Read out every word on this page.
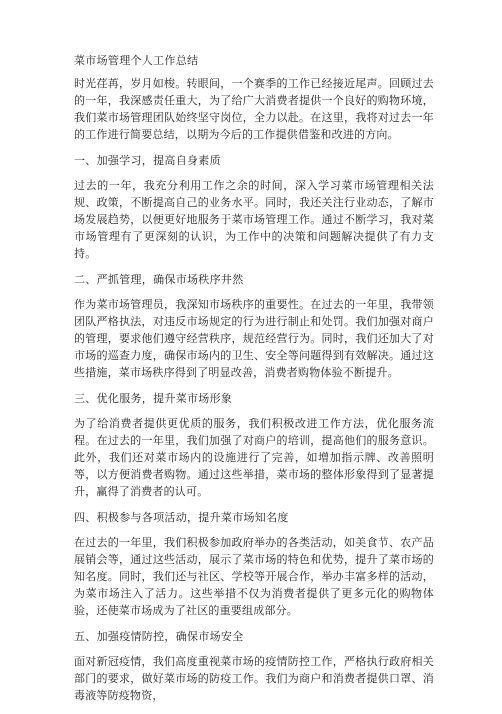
菜市场管理个人工作总结

时光荏苒，岁月如梭。转眼间，一个赛季的工作已经接近尾声。回顾过去的一年，我深感责任重大，为了给广大消费者提供一个良好的购物环境，我们菜市场管理团队始终坚守岗位，全力以赴。在这里，我将对过去一年的工作进行简要总结，以期为今后的工作提供借鉴和改进的方向。

一、加强学习，提高自身素质

过去的一年，我充分利用工作之余的时间，深入学习菜市场管理相关法规、政策，不断提高自己的业务水平。同时，我还关注行业动态，了解市场发展趋势，以便更好地服务于菜市场管理工作。通过不断学习，我对菜市场管理有了更深刻的认识，为工作中的决策和问题解决提供了有力支持。

二、严抓管理，确保市场秩序井然

作为菜市场管理员，我深知市场秩序的重要性。在过去的一年里，我带领团队严格执法，对违反市场规定的行为进行制止和处罚。我们加强对商户的管理，要求他们遵守经营秩序，规范经营行为。同时，我们还加大了对市场的巡查力度，确保市场内的卫生、安全等问题得到有效解决。通过这些措施，菜市场秩序得到了明显改善，消费者购物体验不断提升。

三、优化服务，提升菜市场形象

为了给消费者提供更优质的服务，我们积极改进工作方法，优化服务流程。在过去的一年里，我们加强了对商户的培训，提高他们的服务意识。此外，我们还对菜市场内的设施进行了完善，如增加指示牌、改善照明等，以方便消费者购物。通过这些举措，菜市场的整体形象得到了显著提升，赢得了消费者的认可。

四、积极参与各项活动，提升菜市场知名度

在过去的一年里，我们积极参加政府举办的各类活动，如美食节、农产品展销会等，通过这些活动，展示了菜市场的特色和优势，提升了菜市场的知名度。同时，我们还与社区、学校等开展合作，举办丰富多样的活动，为菜市场注入了活力。这些举措不仅为消费者提供了更多元化的购物体验，还使菜市场成为了社区的重要组成部分。

五、加强疫情防控，确保市场安全

面对新冠疫情，我们高度重视菜市场的疫情防控工作，严格执行政府相关部门的要求，做好菜市场的防疫工作。我们为商户和消费者提供口罩、消毒液等防疫物资，
